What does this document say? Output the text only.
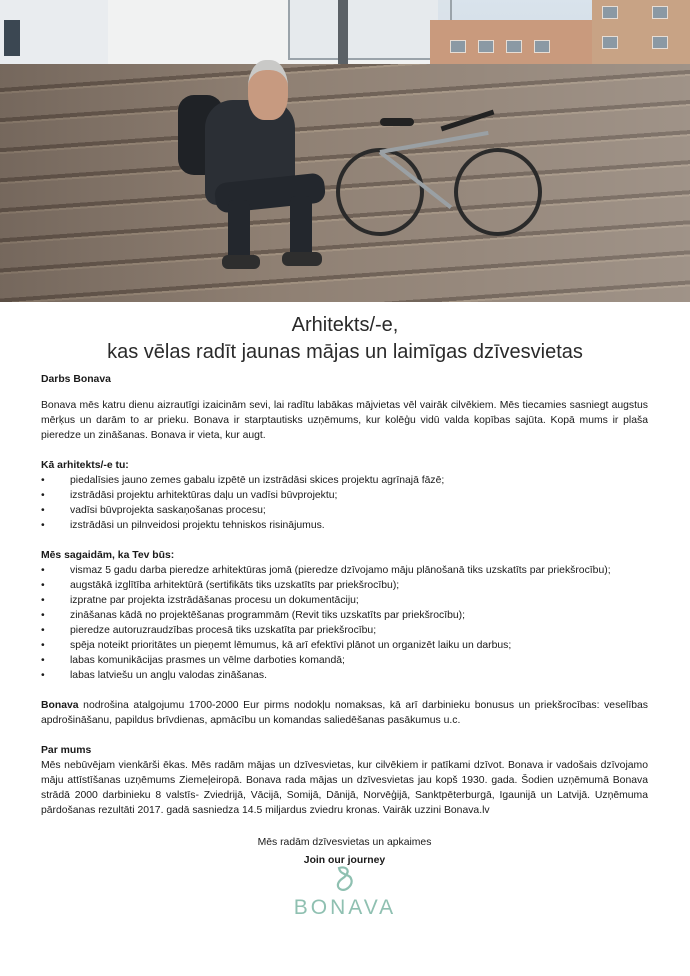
Arhitekts/-e,
kas vēlas radīt jaunas mājas un laimīgas dzīvesvietas

Darbs Bonava

Bonava mēs katru dienu aizrautīgi izaicinām sevi, lai radītu labākas mājvietas vēl vairāk cilvēkiem. Mēs tiecamies sasniegt augstus mērķus un darām to ar prieku. Bonava ir starptautisks uzņēmums, kur kolēģu vidū valda kopības sajūta. Kopā mums ir plaša pieredze un zināšanas. Bonava ir vieta, kur augt.

Kā arhitekts/-e tu:

• piedalīsies jauno zemes gabalu izpētē un izstrādāsi skices projektu agrīnajā fāzē;
• izstrādāsi projektu arhitektūras daļu un vadīsi būvprojektu;
• vadīsi būvprojekta saskaņošanas procesu;
• izstrādāsi un pilnveidosi projektu tehniskos risinājumus.

Mēs sagaidām, ka Tev būs:

• vismaz 5 gadu darba pieredze arhitektūras jomā (pieredze dzīvojamo māju plānošanā tiks uzskatīts par priekšrocību);
• augstākā izglītība arhitektūrā (sertifikāts tiks uzskatīts par priekšrocību);
• izpratne par projekta izstrādāšanas procesu un dokumentāciju;
• zināšanas kādā no projektēšanas programmām (Revit tiks uzskatīts par priekšrocību);
• pieredze autoruzraudzības procesā tiks uzskatīta par priekšrocību;
• spēja noteikt prioritātes un pieņemt lēmumus, kā arī efektīvi plānot un organizēt laiku un darbus;
• labas komunikācijas prasmes un vēlme darboties komandā;
• labas latviešu un angļu valodas zināšanas.

Bonava nodrošina atalgojumu 1700-2000 Eur pirms nodokļu nomaksas, kā arī darbinieku bonusus un priekšrocības: veselības apdrošināšanu, papildus brīvdienas, apmācību un komandas saliedēšanas pasākumus u.c.

Par mums

Mēs nebūvējam vienkārši ēkas. Mēs radām mājas un dzīvesvietas, kur cilvēkiem ir patīkami dzīvot. Bonava ir vadošais dzīvojamo māju attīstīšanas uzņēmums Ziemeļeiropā. Bonava rada mājas un dzīvesvietas jau kopš 1930. gada. Šodien uzņēmumā Bonava strādā 2000 darbinieku 8 valstīs- Zviedrijā, Vācijā, Somijā, Dānijā, Norvēģijā, Sanktpēterburgā, Igaunijā un Latvijā. Uzņēmuma pārdošanas rezultāti 2017. gadā sasniedza 14.5 miljardus zviedru kronas. Vairāk uzzini Bonava.lv

Mēs radām dzīvesvietas un apkaimes

Join our journey

BONAVA
